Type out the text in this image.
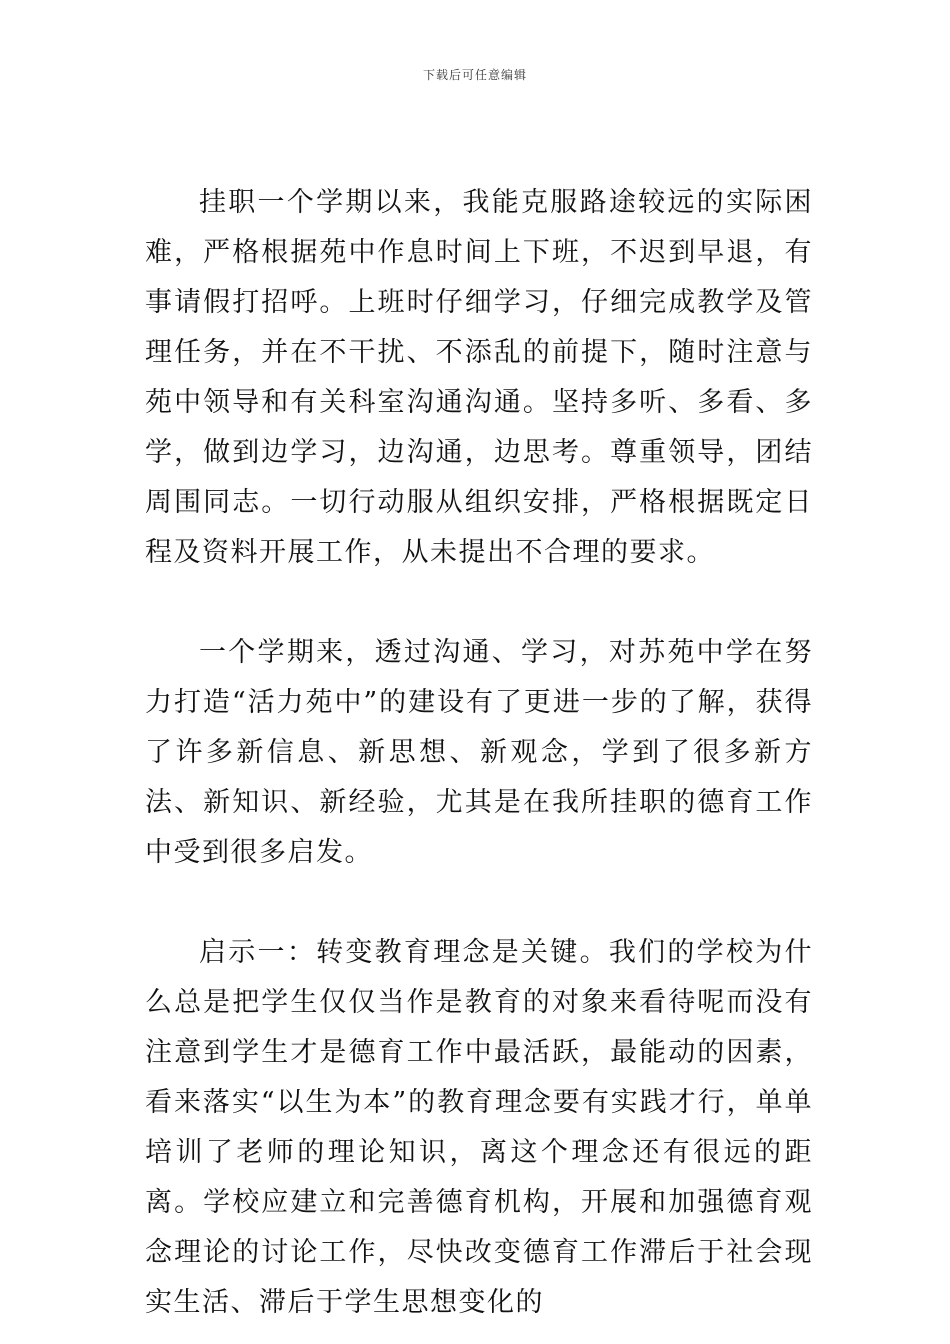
下载后可任意编辑

挂职一个学期以来，我能克服路途较远的实际困难，严格根据苑中作息时间上下班，不迟到早退，有事请假打招呼。上班时仔细学习，仔细完成教学及管理任务，并在不干扰、不添乱的前提下，随时注意与苑中领导和有关科室沟通沟通。坚持多听、多看、多学，做到边学习，边沟通，边思考。尊重领导，团结周围同志。一切行动服从组织安排，严格根据既定日程及资料开展工作，从未提出不合理的要求。

一个学期来，透过沟通、学习，对苏苑中学在努力打造“活力苑中”的建设有了更进一步的了解，获得了许多新信息、新思想、新观念，学到了很多新方法、新知识、新经验，尤其是在我所挂职的德育工作中受到很多启发。

启示一：转变教育理念是关键。我们的学校为什么总是把学生仅仅当作是教育的对象来看待呢而没有注意到学生才是德育工作中最活跃，最能动的因素，看来落实“以生为本”的教育理念要有实践才行，单单培训了老师的理论知识，离这个理念还有很远的距离。学校应建立和完善德育机构，开展和加强德育观念理论的讨论工作，尽快改变德育工作滞后于社会现实生活、滞后于学生思想变化的
